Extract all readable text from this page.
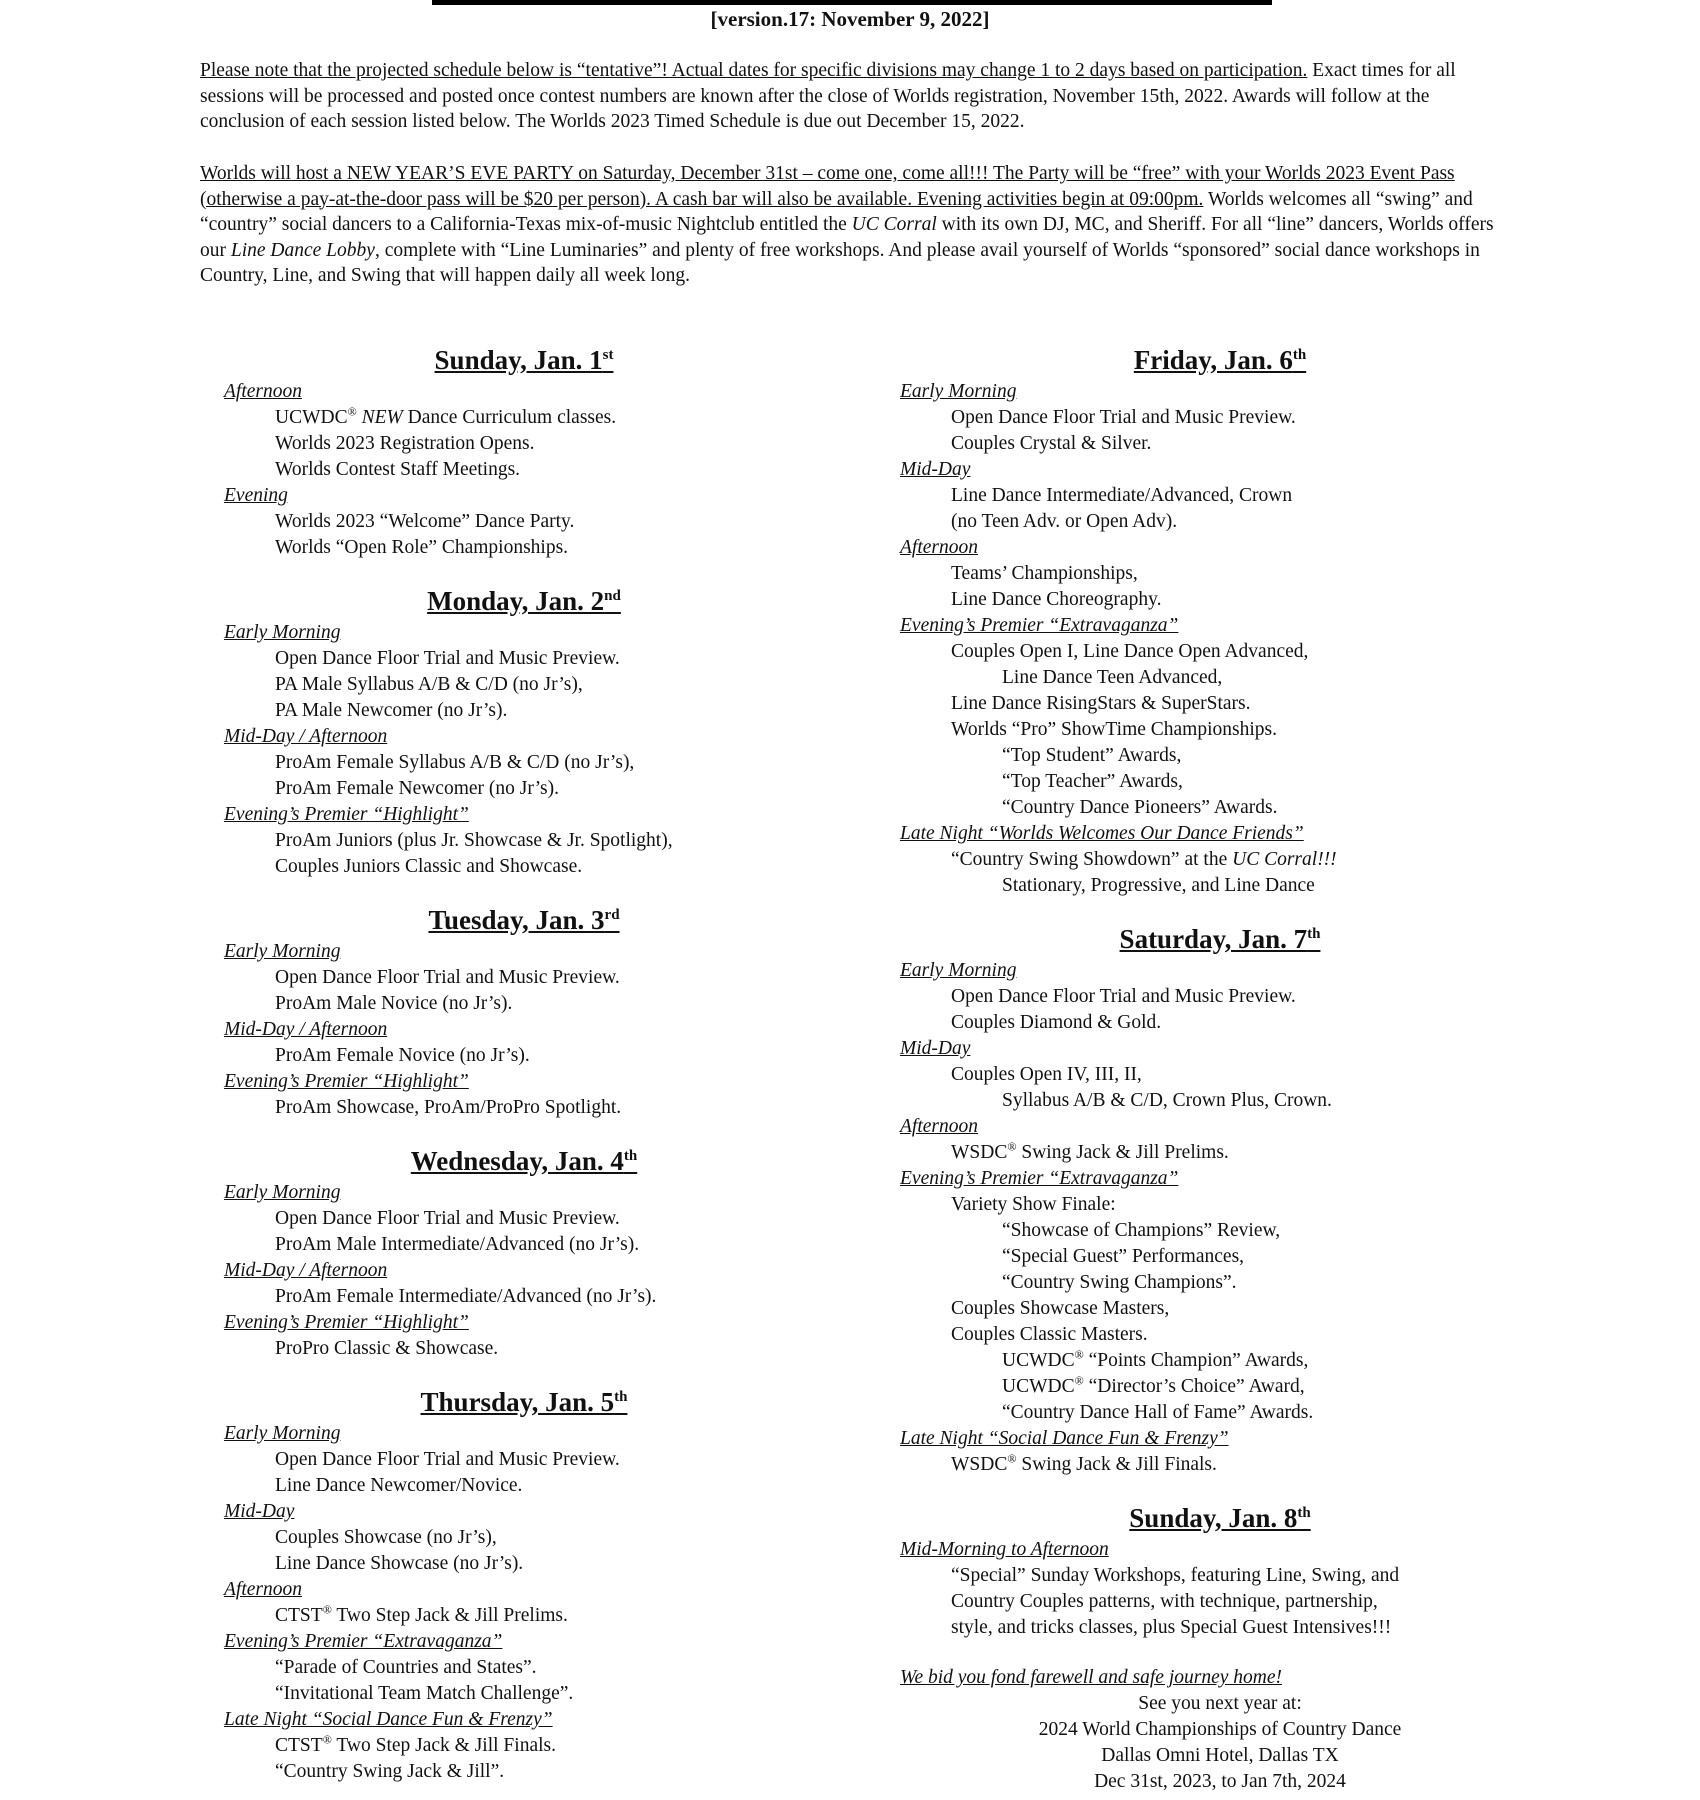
[version.17: November 9, 2022]

Please note that the projected schedule below is “tentative”! Actual dates for specific divisions may change 1 to 2 days based on participation. Exact times for all sessions will be processed and posted once contest numbers are known after the close of Worlds registration, November 15th, 2022. Awards will follow at the conclusion of each session listed below. The Worlds 2023 Timed Schedule is due out December 15, 2022.

Worlds will host a NEW YEAR’S EVE PARTY on Saturday, December 31st – come one, come all!!! The Party will be “free” with your Worlds 2023 Event Pass (otherwise a pay-at-the-door pass will be $20 per person). A cash bar will also be available. Evening activities begin at 09:00pm. Worlds welcomes all “swing” and “country” social dancers to a California-Texas mix-of-music Nightclub entitled the UC Corral with its own DJ, MC, and Sheriff. For all “line” dancers, Worlds offers our Line Dance Lobby, complete with “Line Luminaries” and plenty of free workshops. And please avail yourself of Worlds “sponsored” social dance workshops in Country, Line, and Swing that will happen daily all week long.

Sunday, Jan. 1st
Afternoon
UCWDC® NEW Dance Curriculum classes.
Worlds 2023 Registration Opens.
Worlds Contest Staff Meetings.
Evening
Worlds 2023 “Welcome” Dance Party.
Worlds “Open Role” Championships.
Monday, Jan. 2nd
Early Morning
Open Dance Floor Trial and Music Preview.
PA Male Syllabus A/B & C/D (no Jr’s),
PA Male Newcomer (no Jr’s).
Mid-Day / Afternoon
ProAm Female Syllabus A/B & C/D (no Jr’s),
ProAm Female Newcomer (no Jr’s).
Evening’s Premier “Highlight”
ProAm Juniors (plus Jr. Showcase & Jr. Spotlight),
Couples Juniors Classic and Showcase.
Tuesday, Jan. 3rd
Early Morning
Open Dance Floor Trial and Music Preview.
ProAm Male Novice (no Jr’s).
Mid-Day / Afternoon
ProAm Female Novice (no Jr’s).
Evening’s Premier “Highlight”
ProAm Showcase, ProAm/ProPro Spotlight.
Wednesday, Jan. 4th
Early Morning
Open Dance Floor Trial and Music Preview.
ProAm Male Intermediate/Advanced (no Jr’s).
Mid-Day / Afternoon
ProAm Female Intermediate/Advanced (no Jr’s).
Evening’s Premier “Highlight”
ProPro Classic & Showcase.
Thursday, Jan. 5th
Early Morning
Open Dance Floor Trial and Music Preview.
Line Dance Newcomer/Novice.
Mid-Day
Couples Showcase (no Jr’s),
Line Dance Showcase (no Jr’s).
Afternoon
CTST® Two Step Jack & Jill Prelims.
Evening’s Premier “Extravaganza”
“Parade of Countries and States”.
“Invitational Team Match Challenge”.
Late Night “Social Dance Fun & Frenzy”
CTST® Two Step Jack & Jill Finals.
“Country Swing Jack & Jill”.
Friday, Jan. 6th
Early Morning
Open Dance Floor Trial and Music Preview.
Couples Crystal & Silver.
Mid-Day
Line Dance Intermediate/Advanced, Crown
(no Teen Adv. or Open Adv).
Afternoon
Teams’ Championships,
Line Dance Choreography.
Evening’s Premier “Extravaganza”
Couples Open I, Line Dance Open Advanced,
Line Dance Teen Advanced,
Line Dance RisingStars & SuperStars.
Worlds “Pro” ShowTime Championships.
“Top Student” Awards,
“Top Teacher” Awards,
“Country Dance Pioneers” Awards.
Late Night “Worlds Welcomes Our Dance Friends”
“Country Swing Showdown” at the UC Corral!!!
Stationary, Progressive, and Line Dance
Saturday, Jan. 7th
Early Morning
Open Dance Floor Trial and Music Preview.
Couples Diamond & Gold.
Mid-Day
Couples Open IV, III, II,
Syllabus A/B & C/D, Crown Plus, Crown.
Afternoon
WSDC® Swing Jack & Jill Prelims.
Evening’s Premier “Extravaganza”
Variety Show Finale:
“Showcase of Champions” Review,
“Special Guest” Performances,
“Country Swing Champions”.
Couples Showcase Masters,
Couples Classic Masters.
UCWDC® “Points Champion” Awards,
UCWDC® “Director’s Choice” Award,
“Country Dance Hall of Fame” Awards.
Late Night “Social Dance Fun & Frenzy”
WSDC® Swing Jack & Jill Finals.
Sunday, Jan. 8th
Mid-Morning to Afternoon
“Special” Sunday Workshops, featuring Line, Swing, and
Country Couples patterns, with technique, partnership,
style, and tricks classes, plus Special Guest Intensives!!!
We bid you fond farewell and safe journey home!
See you next year at:
2024 World Championships of Country Dance
Dallas Omni Hotel, Dallas TX
Dec 31st, 2023, to Jan 7th, 2024
